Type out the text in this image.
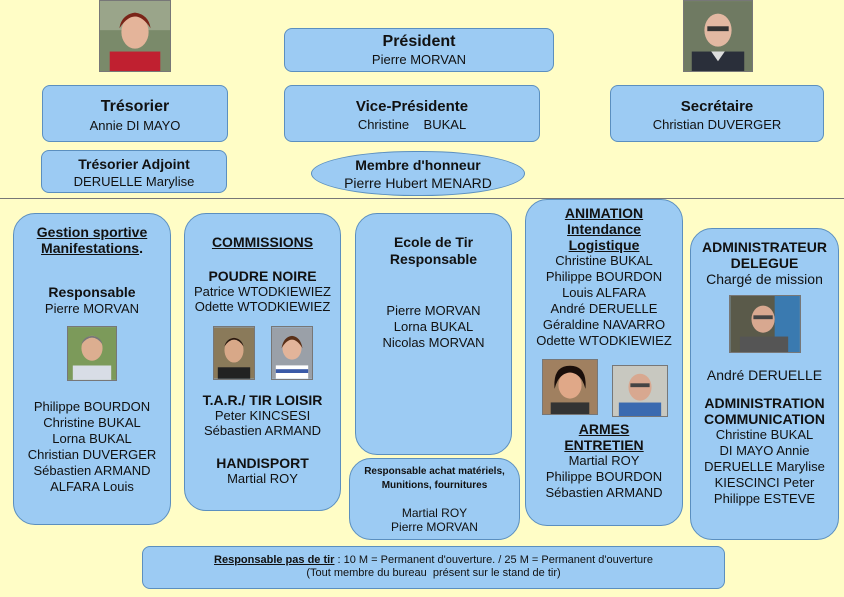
Président
Pierre MORVAN
Trésorier
Annie DI MAYO
Vice-Présidente
Christine    BUKAL
Secrétaire
Christian DUVERGER
Trésorier Adjoint
DERUELLE Marylise
Membre d'honneur
Pierre Hubert MENARD
Gestion sportive
Manifestations.
Responsable
Pierre MORVAN
Philippe BOURDON
Christine BUKAL
Lorna BUKAL
Christian DUVERGER
Sébastien ARMAND
ALFARA Louis
COMMISSIONS
POUDRE NOIRE
Patrice WTODKIEWIEZ
Odette WTODKIEWIEZ
T.A.R./ TIR LOISIR
Peter KINCSESI
Sébastien ARMAND
HANDISPORT
Martial ROY
Ecole de Tir
Responsable
Pierre MORVAN
Lorna BUKAL
Nicolas MORVAN
Responsable achat matériels,
Munitions, fournitures
Martial ROY
Pierre MORVAN
ANIMATION
Intendance
Logistique
Christine BUKAL
Philippe BOURDON
Louis ALFARA
André DERUELLE
Géraldine NAVARRO
Odette WTODKIEWIEZ
ARMES
ENTRETIEN
Martial ROY
Philippe BOURDON
Sébastien ARMAND
ADMINISTRATEUR
DELEGUE
Chargé de mission
André DERUELLE
ADMINISTRATION
COMMUNICATION
Christine BUKAL
DI MAYO Annie
DERUELLE Marylise
KIESCINCI Peter
Philippe ESTEVE
Responsable pas de tir : 10 M = Permanent d'ouverture. / 25 M = Permanent d'ouverture
(Tout membre du bureau  présent sur le stand de tir)
